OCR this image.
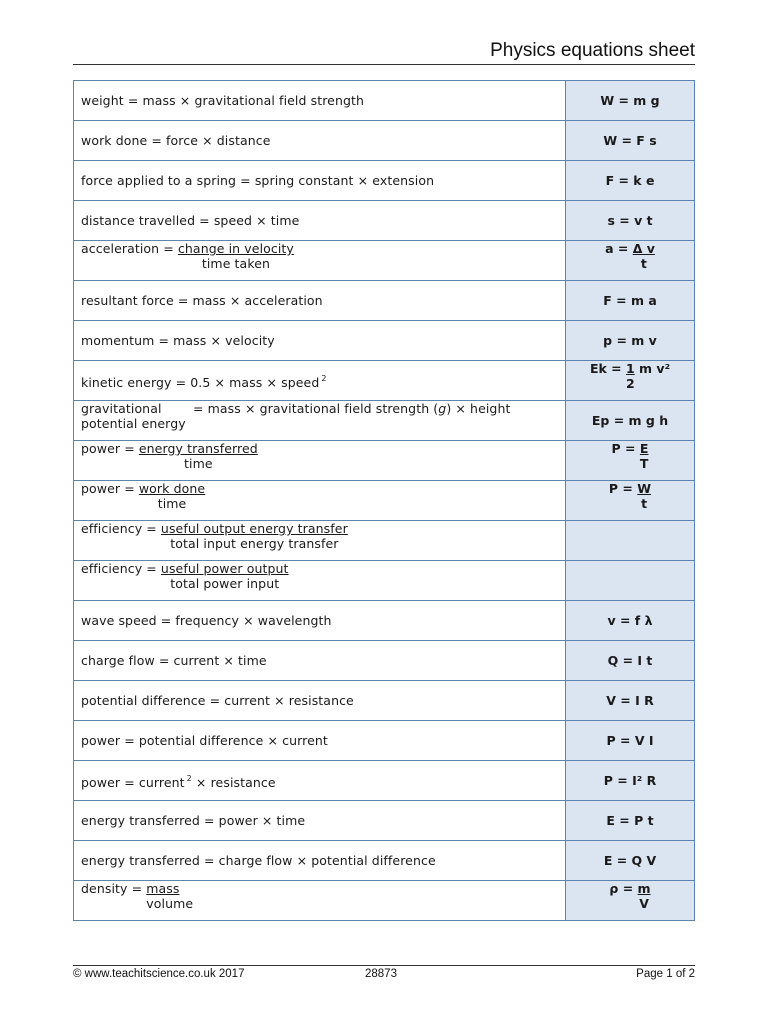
Physics equations sheet
weight = mass × gravitational field strength	W = m g
work done = force × distance	W = F s
force applied to a spring = spring constant × extension	F = k e
distance travelled = speed × time	s = v t
acceleration = $\frac{\text{change in velocity}}{\text{time taken}}$	$a = \frac{\text{Δ v}}{t}$

resultant force = mass × acceleration	F = m a
momentum = mass × velocity	p = m v
kinetic energy = 0.5 × mass × speed $^2$	$Ek = \frac{1}{2}$ m v²

gravitational
potential energy
= mass × gravitational field strength (g) × height	Ep = m g h
power = $\frac{\text{energy transferred}}{\text{time}}$	$P = \frac{E}{T}$

power = $\frac{\text{work done}}{\text{time}}$	$P = \frac{W}{t}$

efficiency = $\frac{\text{useful output energy transfer}}{\text{total input energy transfer}}$

efficiency = $\frac{\text{useful power output}}{\text{total power input}}$

wave speed = frequency × wavelength	v = f λ
charge flow = current × time	Q = I t
potential difference = current × resistance	V = I R
power = potential difference × current	P = V I
power = current $^2$ × resistance	P = I² R
energy transferred = power × time	E = P t
energy transferred = charge flow × potential difference	E = Q V
density = $\frac{\text{mass}}{\text{volume}}$	$\rho = \frac{m}{V}$
© www.teachitscience.co.uk 2017	28873	Page 1 of 2
